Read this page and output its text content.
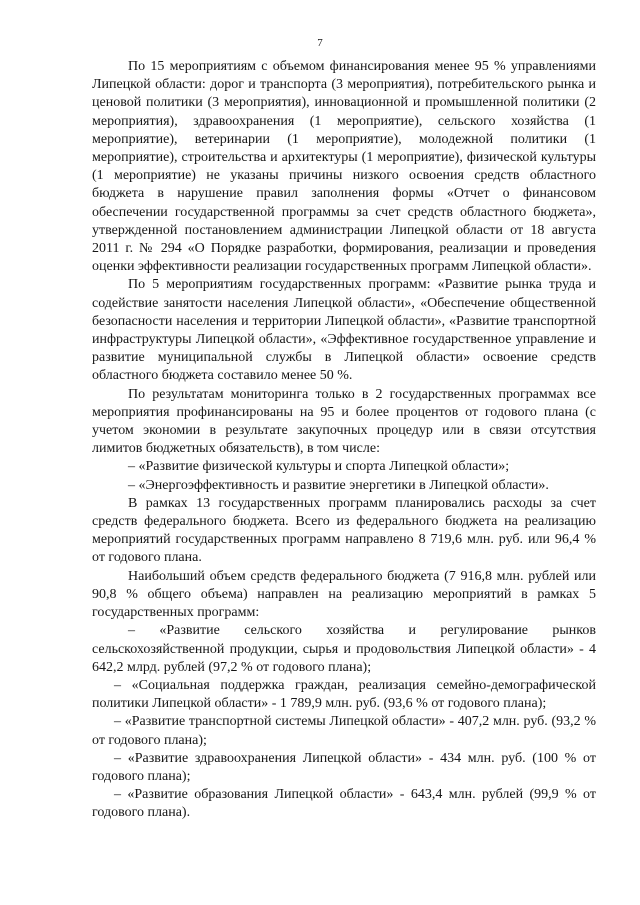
7

По 15 мероприятиям с объемом финансирования менее 95 % управлениями Липецкой области: дорог и транспорта (3 мероприятия), потребительского рынка и ценовой политики (3 мероприятия), инновационной и промышленной политики (2 мероприятия), здравоохранения (1 мероприятие), сельского хозяйства (1 мероприятие), ветеринарии (1 мероприятие), молодежной политики (1 мероприятие), строительства и архитектуры (1 мероприятие), физической культуры (1 мероприятие) не указаны причины низкого освоения средств областного бюджета в нарушение правил заполнения формы «Отчет о финансовом обеспечении государственной программы за счет средств областного бюджета», утвержденной постановлением администрации Липецкой области от 18 августа 2011 г. № 294 «О Порядке разработки, формирования, реализации и проведения оценки эффективности реализации государственных программ Липецкой области».

По 5 мероприятиям государственных программ: «Развитие рынка труда и содействие занятости населения Липецкой области», «Обеспечение общественной безопасности населения и территории Липецкой области», «Развитие транспортной инфраструктуры Липецкой области», «Эффективное государственное управление и развитие муниципальной службы в Липецкой области» освоение средств областного бюджета составило менее 50 %.

По результатам мониторинга только в 2 государственных программах все мероприятия профинансированы на 95 и более процентов от годового плана (с учетом экономии в результате закупочных процедур или в связи отсутствия лимитов бюджетных обязательств), в том числе:

– «Развитие физической культуры и спорта Липецкой области»;

– «Энергоэффективность и развитие энергетики в Липецкой области».

В рамках 13 государственных программ планировались расходы за счет средств федерального бюджета. Всего из федерального бюджета на реализацию мероприятий государственных программ направлено 8 719,6 млн. руб. или 96,4 % от годового плана.

Наибольший объем средств федерального бюджета (7 916,8 млн. рублей или 90,8 % общего объема) направлен на реализацию мероприятий в рамках 5 государственных программ:

– «Развитие сельского хозяйства и регулирование рынков сельскохозяйственной продукции, сырья и продовольствия Липецкой области» - 4 642,2 млрд. рублей (97,2 % от годового плана);

– «Социальная поддержка граждан, реализация семейно-демографической политики Липецкой области» - 1 789,9 млн. руб. (93,6 % от годового плана);

– «Развитие транспортной системы Липецкой области» - 407,2 млн. руб. (93,2 % от годового плана);

– «Развитие здравоохранения Липецкой области» - 434 млн. руб. (100 % от годового плана);

– «Развитие образования Липецкой области» - 643,4 млн. рублей (99,9 % от годового плана).
